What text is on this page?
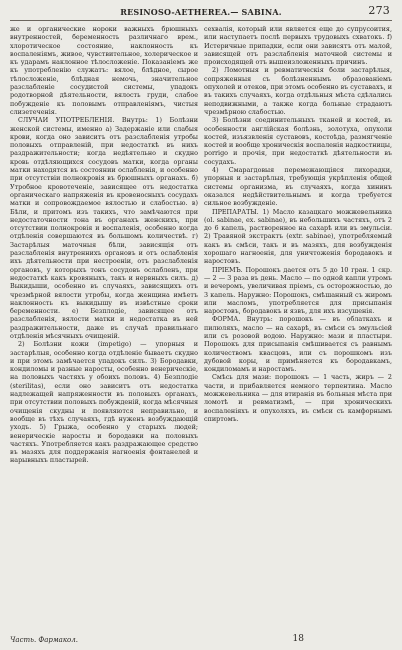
RESINOSO-AETHEREA.— SABINA.	273

же и органические нороки важныхъ брюшныхъ внутренностей, беременность различнаго врем., хлоротическое состояние, наклонность къ воспаленiямъ, живое, чувствительное, холерическое и къ ударамъ наклонное тѣлосложенiе. Показанiемъ же къ употребленiю служатъ: вялое, блѣдное, сырое тѣлосложенiе, блѣдная немочь, значительное разслабленiе сосудистой системы, упадокъ родотворной дѣятельности, вялость груди, слабое побужденiе къ половымъ отправленiямъ, чистыя слизетеченiя.

СЛУЧАИ УПОТРЕБЛЕНIЯ. Внутрь: 1) Болѣзни женской системы, именно а) Задержаніе или слабыя крови, когда оно зависитъ отъ разслабленія утробы половыхъ отправленій, при недостаткѣ въ нихъ раздражительности; когда недѣятельно и скудно кровь отдѣляющихся сосудовъ матки, когда органы матки находятся въ состоянии ослабленія, и особенно при отсутствіи полнокровія въ брюшныхъ органахъ. б) Утробное кровотеченіе, зависящее отъ недостатка органическаго напряженія въ кровеносныхъ сосудахъ матки и сопровождаемое вялостью и слабостью. в) Бѣли, и притомъ изъ такихъ, что замѣчаются при недостаточности тона въ органахъ женскихъ, при отсутствии полнокровія и воспаленія, особенно когда отдѣленія совершаются въ большомъ количествѣ. г) Застарѣлыя маточныя бѣли, зависящія отъ разслабленія внутреннихъ органовъ и отъ ослабленія ихъ дѣятельности при нестроеніи, отъ разслабленія органовъ, у которыхъ тонъ сосудовъ ослабленъ, при недостаткѣ какъ кровяныхъ, такъ и нервныхъ силъ. д) Выкидыши, особенно въ случаяхъ, зависящихъ отъ чрезмѣрной вялости утробы, когда женщина имѣетъ наклонность къ выкидышу въ извѣстные сроки беременности. е) Безплодіе, зависящее отъ разслабленія, вялости матки и недостатка въ ней раздражительности, даже въ случаѣ правильнаго отдѣленія мѣсячныхъ очищеній.

2) Болѣзни кожи (impetigo) — упорныя и застарѣлыя, особенно когда отдѣленіе бываетъ скудно и при этомъ замѣчается упадокъ силъ. 3) Бородавки, кондиломы и разные наросты, особенно венерическiе, на половыхъ частяхъ у обоихъ половъ. 4) Безплодіе (sterilitas), если оно зависитъ отъ недостатка надлежащей напряженности въ половыхъ органахъ, при отсутствии половыхъ побужденій, когда мѣсячныя очищенія скудны и появляются неправильно, и вообще въ тѣхъ случаяхъ, гдѣ нуженъ возбуждающій уходъ. 5) Грыжа, особенно у старыхъ людей; венерическiе наросты и бородавки на половыхъ частяхъ. Употребляется какъ раздражающее средство въ мазяхъ для поддержанія нагноенія фонтанелей и нарывныхъ пластырей.

сехвалія, который или является еще до супрусоития, или наступаетъ послѣ первыхъ трудовыхъ схватокъ. f) Истеричные припадки, если они зависятъ отъ малой, зависящей отъ разслабленія маточной системы и происходящей отъ вышеизложенныхъ причинъ.

2) Ломотныя и ревматическія боли застарѣлыя, сопряженныя съ болѣзненнымъ образованіемъ опухолей и отеков, при этомъ особенно въ суставахъ, и въ такихъ случаяхъ, когда отдѣльныя мѣста сдѣлались неподвижными, а также когда больные страдаютъ чрезмѣрною слабостью.

3) Болѣзни соединительныхъ тканей и костей, въ особенности англійская болѣзнь, золотуха, опухоли костей, изъязвленія суставовъ, костоѣда, размягченіе костей и вообще хроническія воспаленія надкостницы, porrigo и прочія, при недостаткѣ дѣятельности въ сосудахъ.

4) Смарагдовыя перемежающіяся лихорадки, упорныя и застарѣлыя, требующія укрѣпленія общей системы организма, въ случаяхъ, когда хининъ оказался недѣйствительнымъ и когда требуется сильное возбужденіе.

ПРЕПАРАТЫ. 1) Масло казацкаго можжевельника (ol. sabinae, ex. sabinae), въ небольшихъ частяхъ, отъ 2 до 6 капель, растворенное на сахарѣ или въ эмульсіи. 2) Травяной экстрактъ (extr. sabinae), употребляемый какъ въ смѣси, такъ и въ мазяхъ, для возбужденія хорошаго нагноенія, для уничтоженія бородавокъ и наростовъ.

ПРІЕМЪ. Порошокъ дается отъ 5 до 10 гран. 1 скр. — 2 — 3 раза въ день. Масло — по одной капли утромъ и вечеромъ, увеличивая пріемъ, съ осторожностью, до 3 капель. Наружно: Порошокъ, смѣшанный съ жиромъ или масломъ, употребляется для присыпанія наростовъ, бородавокъ и язвъ, для ихъ изсушенія.

ФОРМА. Внутрь: порошокъ — въ облаткахъ и пилюляхъ, масло — на сахарѣ, въ смѣси съ эмульсіей или съ розовой водою. Наружно: мази и пластыри. Порошокъ для присыпанія смѣшивается съ равнымъ количествомъ квасцовъ, или съ порошкомъ изъ дубовой коры, и примѣняется къ бородавкамъ, кондиломамъ и наростамъ.

Смѣсь для мази: порошокъ — 1 часть, жиръ — 2 части, и прибавляется немного терпентина. Масло можжевельника — для втиранія въ больныя мѣста при ломотѣ и ревматизмѣ, — при хроническихъ воспаленіяхъ и опухоляхъ, въ смѣси съ камфорнымъ спиртомъ.

Часть. Фармакол.	18
